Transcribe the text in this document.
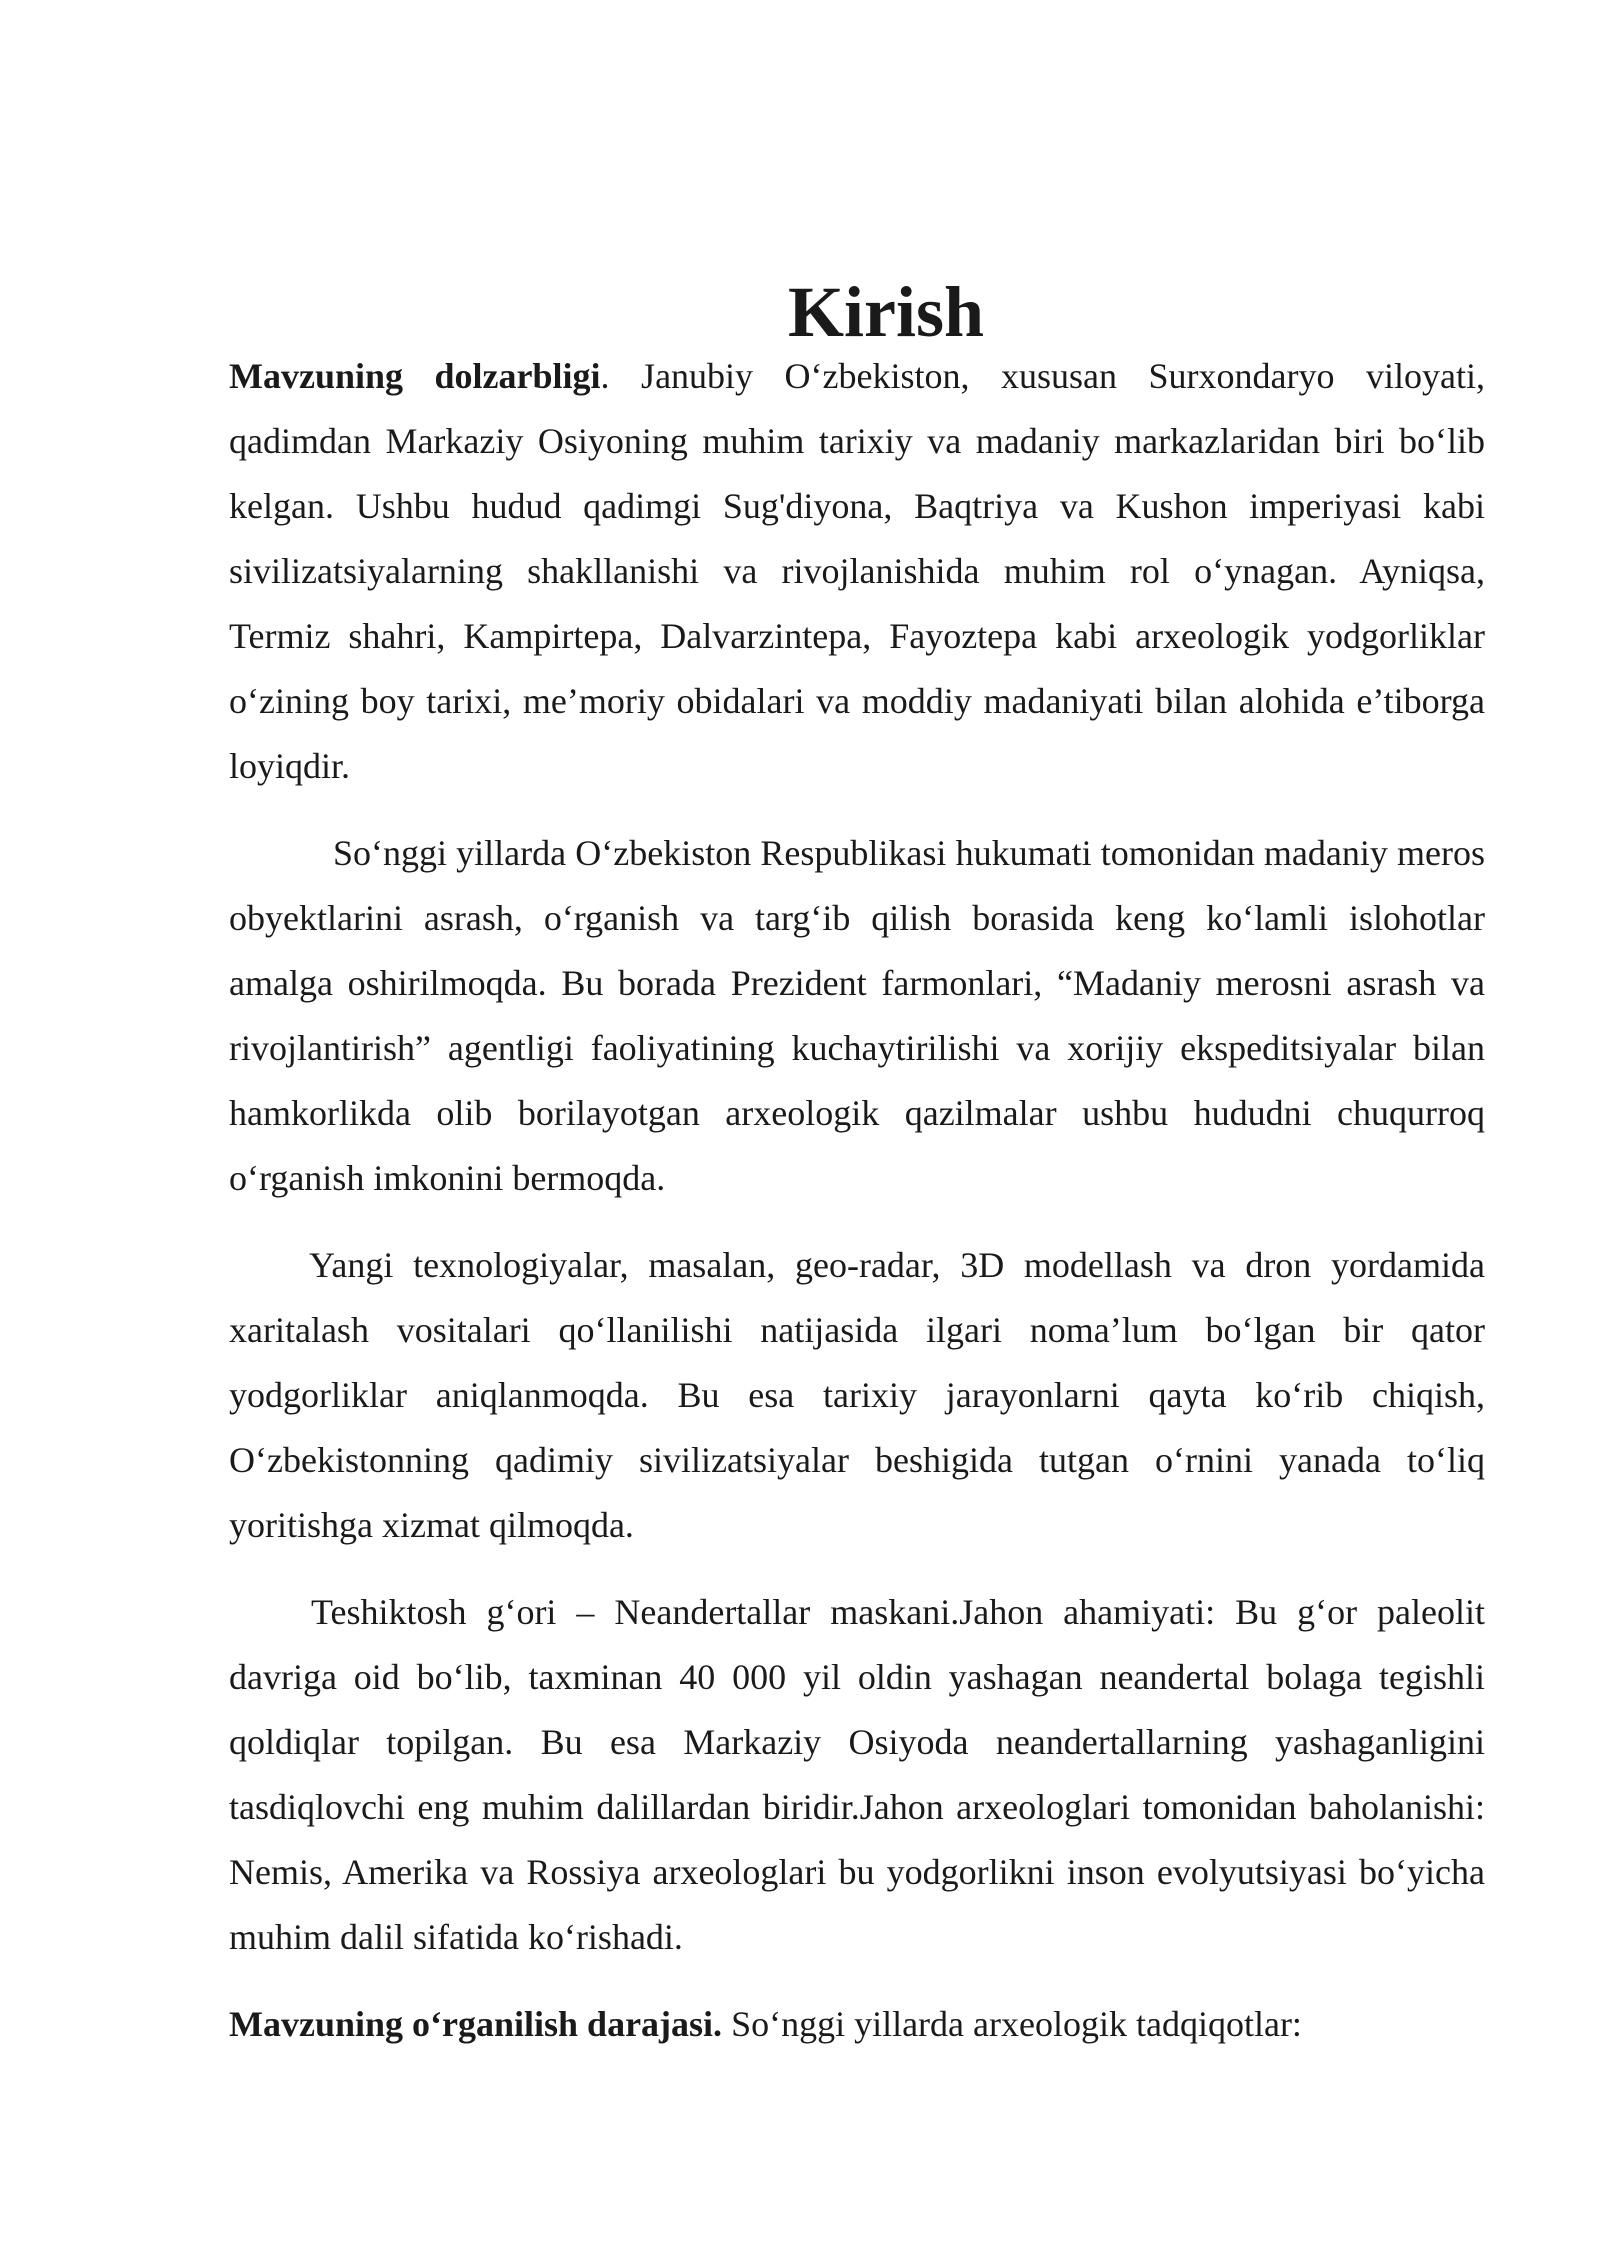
Kirish

Mavzuning dolzarbligi. Janubiy O‘zbekiston, xususan Surxondaryo viloyati, qadimdan Markaziy Osiyoning muhim tarixiy va madaniy markazlaridan biri bo‘lib kelgan. Ushbu hudud qadimgi Sug'diyona, Baqtriya va Kushon imperiyasi kabi sivilizatsiyalarning shakllanishi va rivojlanishida muhim rol o‘ynagan. Ayniqsa, Termiz shahri, Kampirtepa, Dalvarzintepa, Fayoztepa kabi arxeologik yodgorliklar o‘zining boy tarixi, me’moriy obidalari va moddiy madaniyati bilan alohida e’tiborga loyiqdir.

So‘nggi yillarda O‘zbekiston Respublikasi hukumati tomonidan madaniy meros obyektlarini asrash, o‘rganish va targ‘ib qilish borasida keng ko‘lamli islohotlar amalga oshirilmoqda. Bu borada Prezident farmonlari, “Madaniy merosni asrash va rivojlantirish” agentligi faoliyatining kuchaytirilishi va xorijiy ekspeditsiyalar bilan hamkorlikda olib borilayotgan arxeologik qazilmalar ushbu hududni chuqurroq o‘rganish imkonini bermoqda.

Yangi texnologiyalar, masalan, geo-radar, 3D modellash va dron yordamida xaritalash vositalari qo‘llanilishi natijasida ilgari noma’lum bo‘lgan bir qator yodgorliklar aniqlanmoqda. Bu esa tarixiy jarayonlarni qayta ko‘rib chiqish, O‘zbekistonning qadimiy sivilizatsiyalar beshigida tutgan o‘rnini yanada to‘liq yoritishga xizmat qilmoqda.

Teshiktosh g‘ori – Neandertallar maskani.Jahon ahamiyati: Bu g‘or paleolit davriga oid bo‘lib, taxminan 40 000 yil oldin yashagan neandertal bolaga tegishli qoldiqlar topilgan. Bu esa Markaziy Osiyoda neandertallarning yashaganligini tasdiqlovchi eng muhim dalillardan biridir.Jahon arxeologlari tomonidan baholanishi: Nemis, Amerika va Rossiya arxeologlari bu yodgorlikni inson evolyutsiyasi bo‘yicha muhim dalil sifatida ko‘rishadi.

Mavzuning o‘rganilish darajasi. So‘nggi yillarda arxeologik tadqiqotlar:
